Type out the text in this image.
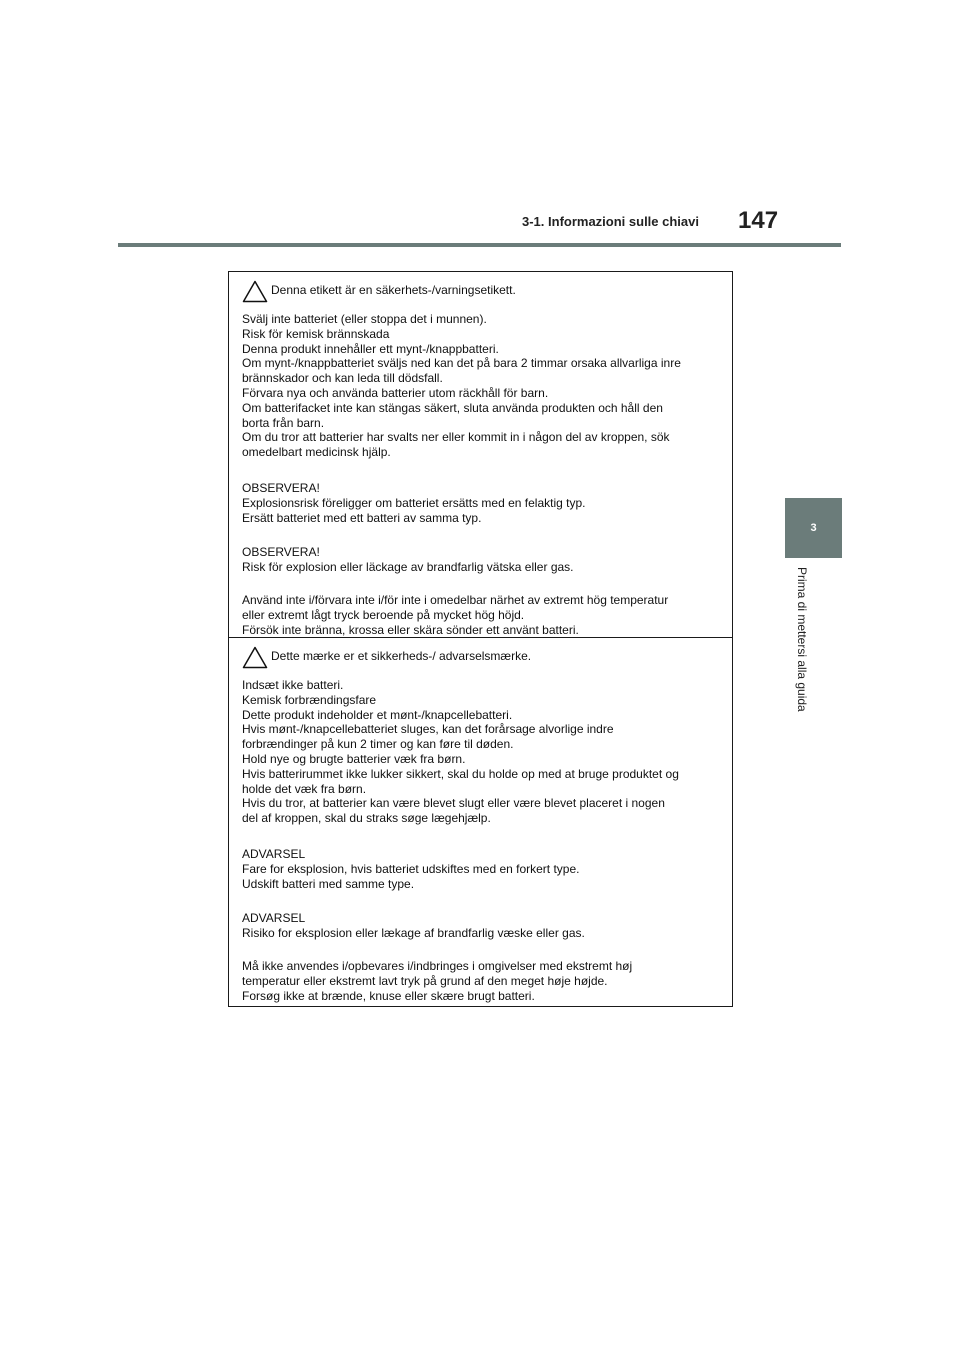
3-1. Informazioni sulle chiavi 147
3
Prima di mettersi alla guida
Denna etikett är en säkerhets-/varningsetikett.
Svälj inte batteriet (eller stoppa det i munnen).
Risk för kemisk brännskada
Denna produkt innehåller ett mynt-/knappbatteri.
Om mynt-/knappbatteriet sväljs ned kan det på bara 2 timmar orsaka allvarliga inre
brännskador och kan leda till dödsfall.
Förvara nya och använda batterier utom räckhåll för barn.
Om batterifacket inte kan stängas säkert, sluta använda produkten och håll den
borta från barn.
Om du tror att batterier har svalts ner eller kommit in i någon del av kroppen, sök
omedelbart medicinsk hjälp.
OBSERVERA!
Explosionsrisk föreligger om batteriet ersätts med en felaktig typ.
Ersätt batteriet med ett batteri av samma typ.
OBSERVERA!
Risk för explosion eller läckage av brandfarlig vätska eller gas.
Använd inte i/förvara inte i/för inte i omedelbar närhet av extremt hög temperatur
eller extremt lågt tryck beroende på mycket hög höjd.
Försök inte bränna, krossa eller skära sönder ett använt batteri.
Dette mærke er et sikkerheds-/ advarselsmærke.
Indsæt ikke batteri.
Kemisk forbrændingsfare
Dette produkt indeholder et mønt-/knapcellebatteri.
Hvis mønt-/knapcellebatteriet sluges, kan det forårsage alvorlige indre
forbrændinger på kun 2 timer og kan føre til døden.
Hold nye og brugte batterier væk fra børn.
Hvis batterirummet ikke lukker sikkert, skal du holde op med at bruge produktet og
holde det væk fra børn.
Hvis du tror, at batterier kan være blevet slugt eller være blevet placeret i nogen
del af kroppen, skal du straks søge lægehjælp.
ADVARSEL
Fare for eksplosion, hvis batteriet udskiftes med en forkert type.
Udskift batteri med samme type.
ADVARSEL
Risiko for eksplosion eller lækage af brandfarlig væske eller gas.
Må ikke anvendes i/opbevares i/indbringes i omgivelser med ekstremt høj
temperatur eller ekstremt lavt tryk på grund af den meget høje højde.
Forsøg ikke at brænde, knuse eller skære brugt batteri.
